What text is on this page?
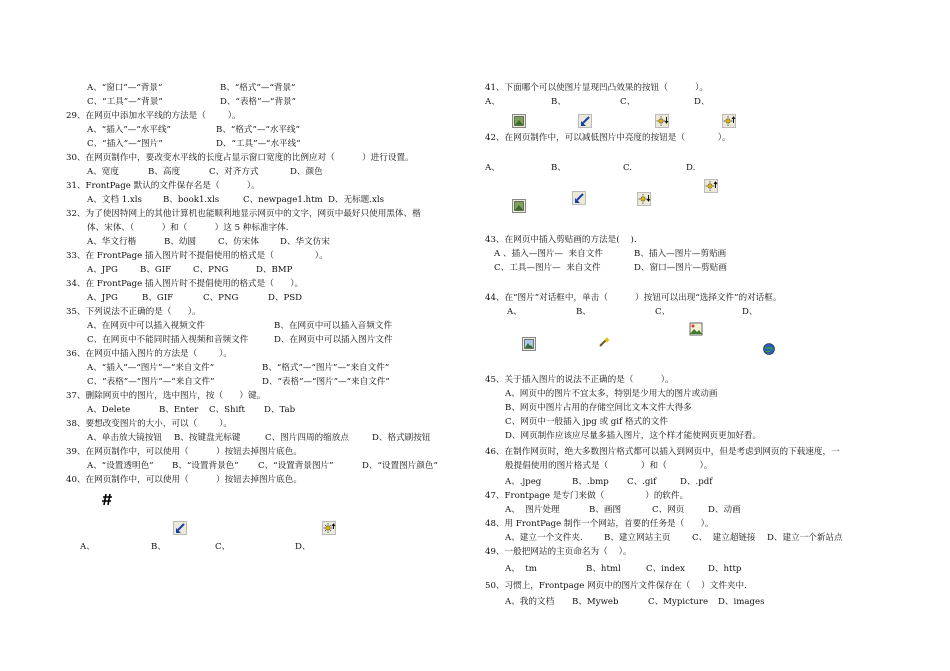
A、“窗口”—“背景”	B、“格式”—“背景”
C、“工具”—“背景”	D、“表格”—“背景”
29、在网页中添加水平线的方法是（        ）。
A、“插入”—“水平线”	B、“格式”—“水平线”
C、“插入”—“图片”	D、“工具”—“水平线”
30、在网页制作中，要改变水平线的长度占显示窗口宽度的比例应对（          ）进行设置。
A、宽度	B、高度	C、对齐方式	D、颜色
31、FrontPage 默认的文件保存名是（          ）。
A、文档 1.xls B、book1.xls	C、newpage1.htm D、无标题.xls
32、为了使因特网上的其他计算机也能顺利地显示网页中的文字，网页中最好只使用黑体、楷
体、宋体、（          ）和（          ）这 5 种标准字体.
A、华文行楷	B、幼圆	C、仿宋体 D、华文仿宋
33、在 FrontPage 插入图片时不提倡使用的格式是（               ）。
A、JPG	B、GIF	C、PNG	D、BMP
34、在 FrontPage 插入图片时不提倡使用的格式是（      ）。
A、JPG	B、GIF	C、PNG	D、PSD
35、下列说法不正确的是（      ）。
A、在网页中可以插入视频文件	B、在网页中可以插入音频文件
C、在网页中不能同时插入视频和音频文件	D、在网页中可以插入图片文件
36、在网页中插入图片的方法是（        ）。
A、“插入”—“图片”—“来自文件”	B、“格式”—“图片”—“来自文件”
C、“表格”—“图片”—“来自文件”	D、“表格”—“图片”—“来自文件”
37、删除网页中的图片，选中图片，按（      ）键。
A、Delete	B、Enter C、Shift D、Tab
38、要想改变图片的大小，可以（        ）。
A、单击放大镜按钮 B、按键盘光标键	C、图片四周的缩放点	D、格式刷按钮
39、在网页制作中，可以使用（          ）按钮去掉图片底色。
A、“设置透明色” B、“设置背景色” C、“设置背景图片”	D、“设置图片颜色”
40、在网页制作中，可以使用（          ）按钮去掉图片底色。
A、	B、	C、	D、
41、下面哪个可以使图片显现凹凸效果的按钮（          ）。
A、	B、	C、	D、
42、在网页制作中，可以减低图片中亮度的按钮是（            ）。
A、	B、	C.	D.
43、在网页中插入剪贴画的方法是(    ).
A 、插入—图片—  来自文件	B、插入—图片—剪贴画
C、工具—图片—  来自文件	D、窗口—图片—剪贴画
44、在“图片”对话框中，单击（          ）按钮可以出现“选择文件”的对话框。
A、	B、	C、	D、
45、关于插入图片的说法不正确的是（          ）。
A、网页中的图片不宜太多，特别是少用大的图片或动画
B、网页中图片占用的存储空间比文本文件大得多
C、网页中一般插入 jpg 或 gif 格式的文件
D、网页制作应该应尽量多插入图片，这个样才能使网页更加好看。
46、在制作网页时，绝大多数图片格式都可以插入到网页中，但是考虑到网页的下载速度，一
般提倡使用的图片格式是（            ）和（            ）。
A、.jpeg	B、.bmp C、.gif	D、.pdf
47、Frontpage 是专门来做（               ）的软件。
A、  图片处理	B、画图	C、网页	D、动画
48、用 FrontPage 制作一个网站，首要的任务是（      ）。
A、建立一个文件夹. B、建立网站主页	C、  建立超链接 D、建立一个新站点
49、一般把网站的主页命名为（    ）。
A、  tm	B、html	C、index	D、http
50、习惯上，Frontpage 网页中的图片文件保存在（    ）文件夹中.
A、我的文档 B、Myweb	C、Mypicture D、images
